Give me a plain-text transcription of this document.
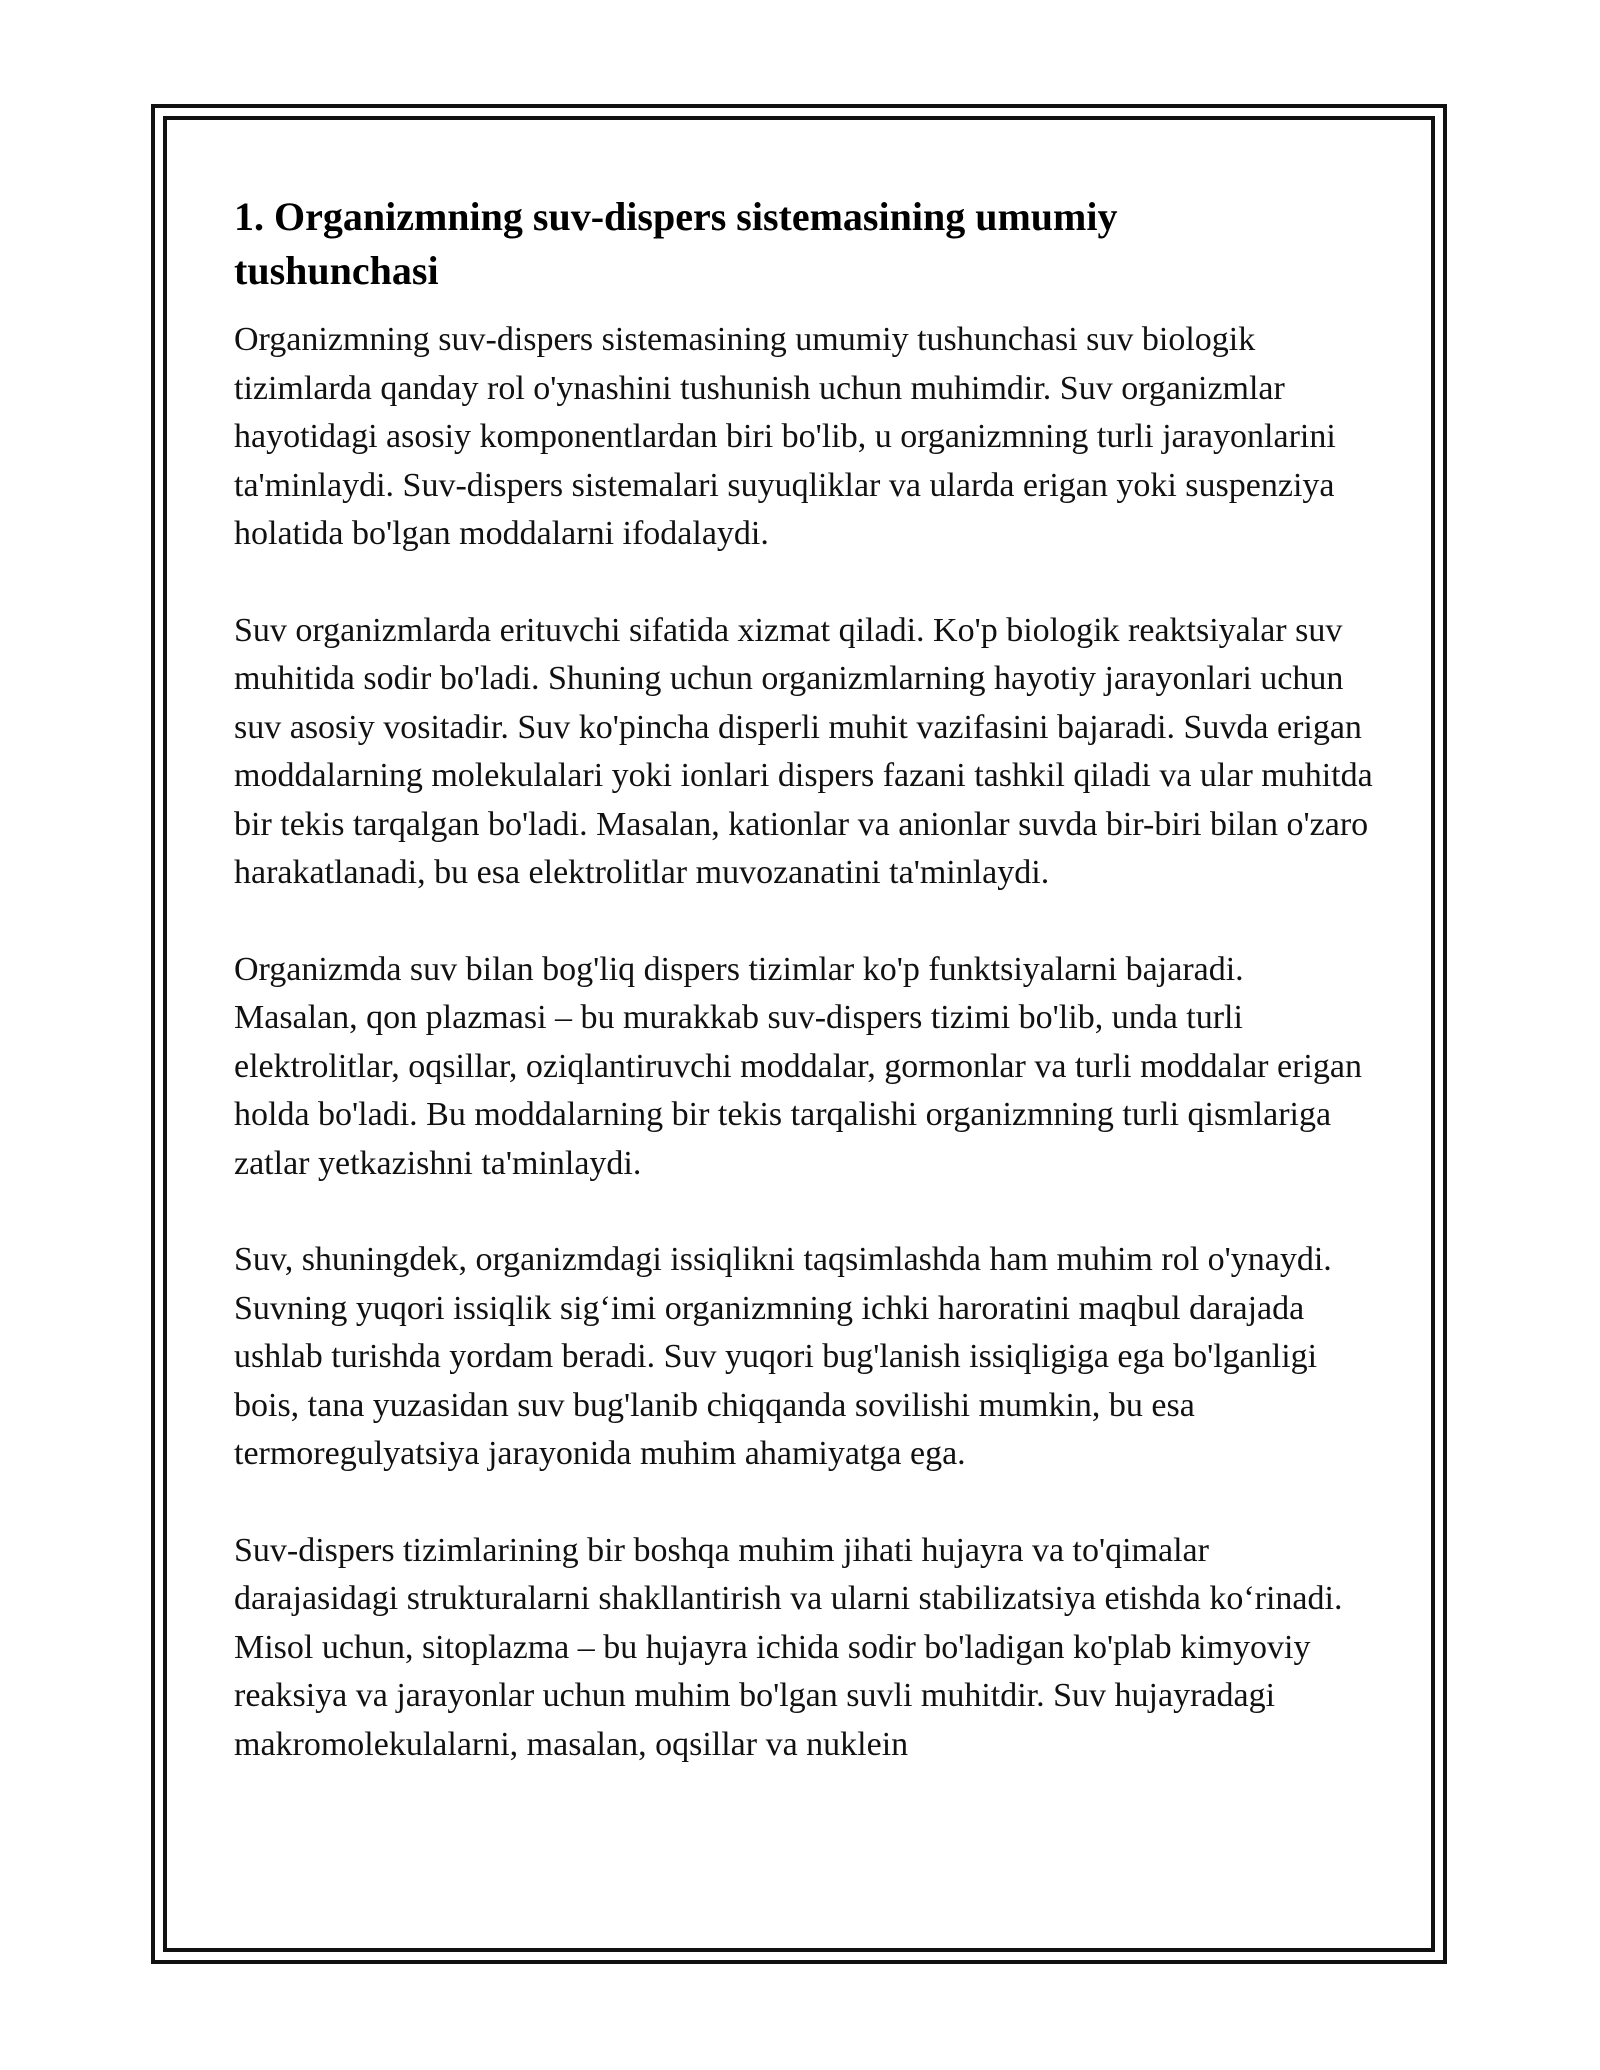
1. Organizmning suv-dispers sistemasining umumiy tushunchasi

Organizmning suv-dispers sistemasining umumiy tushunchasi suv biologik tizimlarda qanday rol o'ynashini tushunish uchun muhimdir. Suv organizmlar hayotidagi asosiy komponentlardan biri bo'lib, u organizmning turli jarayonlarini ta'minlaydi. Suv-dispers sistemalari suyuqliklar va ularda erigan yoki suspenziya holatida bo'lgan moddalarni ifodalaydi.

Suv organizmlarda erituvchi sifatida xizmat qiladi. Ko'p biologik reaktsiyalar suv muhitida sodir bo'ladi. Shuning uchun organizmlarning hayotiy jarayonlari uchun suv asosiy vositadir. Suv ko'pincha disperli muhit vazifasini bajaradi. Suvda erigan moddalarning molekulalari yoki ionlari dispers fazani tashkil qiladi va ular muhitda bir tekis tarqalgan bo'ladi. Masalan, kationlar va anionlar suvda bir-biri bilan o'zaro harakatlanadi, bu esa elektrolitlar muvozanatini ta'minlaydi.

Organizmda suv bilan bog'liq dispers tizimlar ko'p funktsiyalarni bajaradi. Masalan, qon plazmasi – bu murakkab suv-dispers tizimi bo'lib, unda turli elektrolitlar, oqsillar, oziqlantiruvchi moddalar, gormonlar va turli moddalar erigan holda bo'ladi. Bu moddalarning bir tekis tarqalishi organizmning turli qismlariga zatlar yetkazishni ta'minlaydi.

Suv, shuningdek, organizmdagi issiqlikni taqsimlashda ham muhim rol o'ynaydi. Suvning yuqori issiqlik sig‘imi organizmning ichki haroratini maqbul darajada ushlab turishda yordam beradi. Suv yuqori bug'lanish issiqligiga ega bo'lganligi bois, tana yuzasidan suv bug'lanib chiqqanda sovilishi mumkin, bu esa termoregulyatsiya jarayonida muhim ahamiyatga ega.

Suv-dispers tizimlarining bir boshqa muhim jihati hujayra va to'qimalar darajasidagi strukturalarni shakllantirish va ularni stabilizatsiya etishda ko‘rinadi. Misol uchun, sitoplazma – bu hujayra ichida sodir bo'ladigan ko'plab kimyoviy reaksiya va jarayonlar uchun muhim bo'lgan suvli muhitdir. Suv hujayradagi makromolekulalarni, masalan, oqsillar va nuklein
